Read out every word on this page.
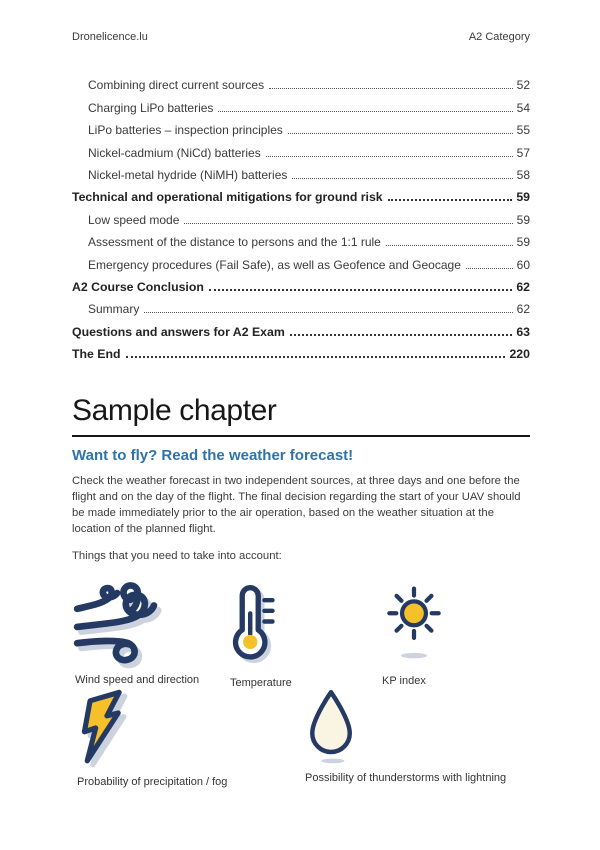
Dronelicence.lu	A2 Category
Combining direct current sources	52
Charging LiPo batteries	54
LiPo batteries – inspection principles	55
Nickel-cadmium (NiCd) batteries	57
Nickel-metal hydride (NiMH) batteries	58
Technical and operational mitigations for ground risk	59
Low speed mode	59
Assessment of the distance to persons and the 1:1 rule	59
Emergency procedures (Fail Safe), as well as Geofence and Geocage	60
A2 Course Conclusion	62
Summary	62
Questions and answers for A2 Exam	63
The End	220
Sample chapter
Want to fly? Read the weather forecast!

Check the weather forecast in two independent sources, at three days and one before the flight and on the day of the flight. The final decision regarding the start of your UAV should be made immediately prior to the air operation, based on the weather situation at the location of the planned flight.

Things that you need to take into account:

Wind speed and direction	Temperature	KP index
Probability of precipitation / fog	Possibility of thunderstorms with lightning
